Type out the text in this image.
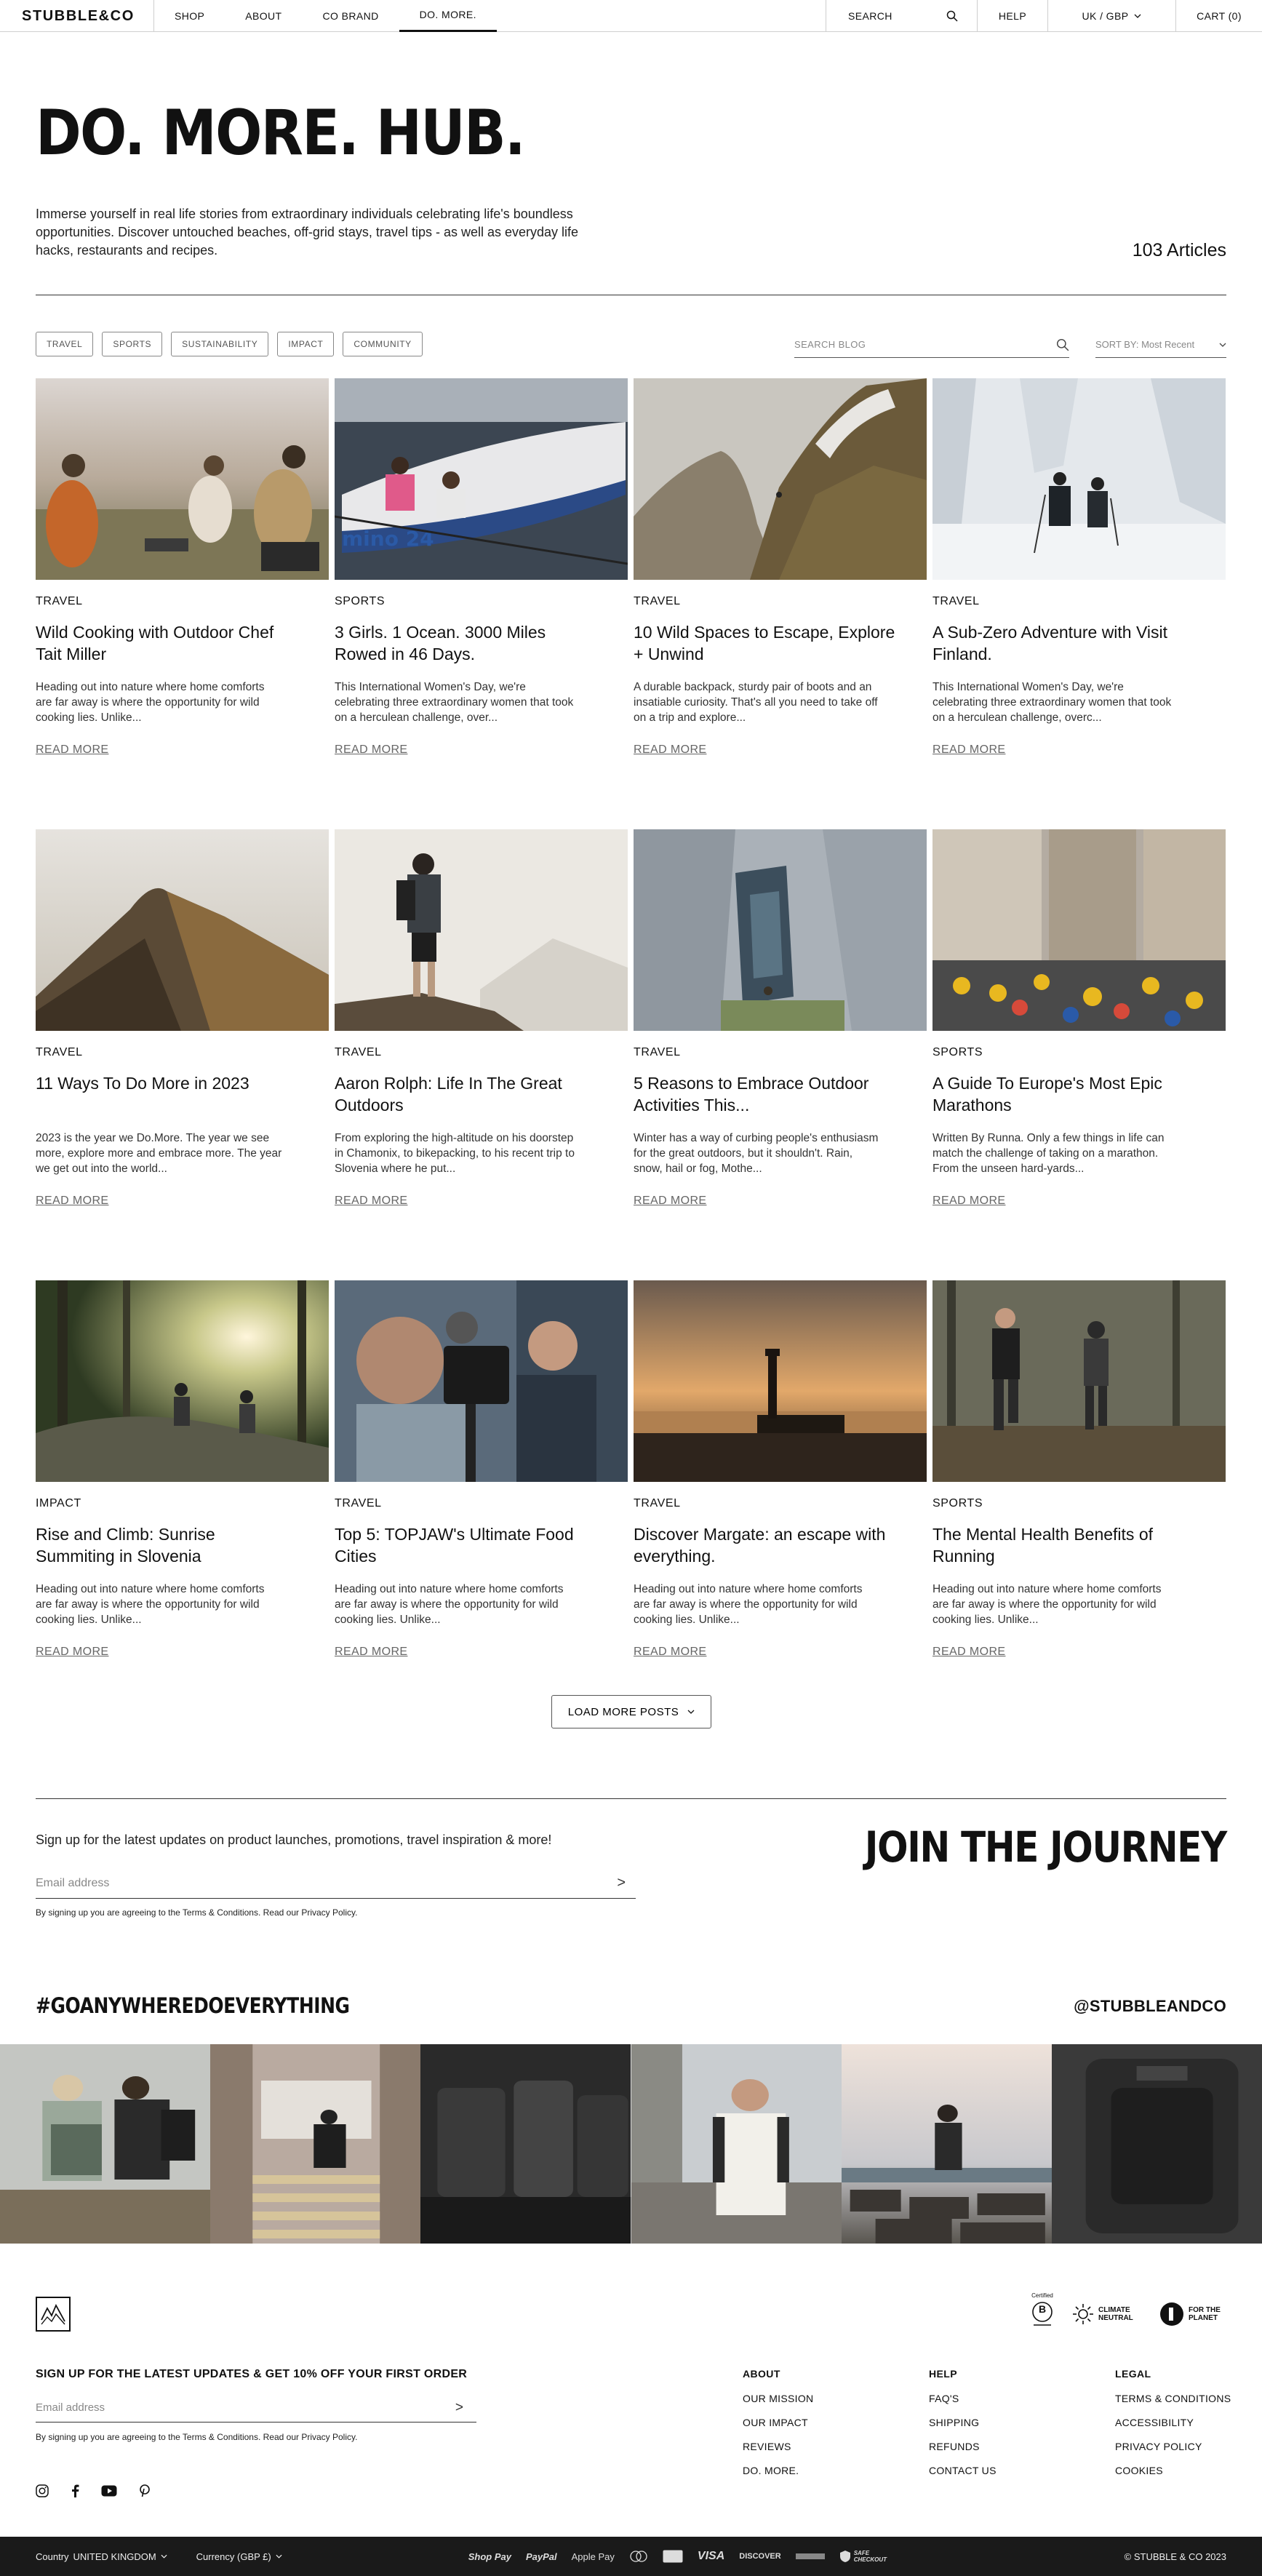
STUBBLE&CO	SHOP	ABOUT	CO BRAND	DO. MORE.	SEARCH	HELP	UK / GBP	CART (0)
DO. MORE. HUB.

Immerse yourself in real life stories from extraordinary individuals celebrating life's boundless opportunities. Discover untouched beaches, off-grid stays, travel tips - as well as everyday life hacks, restaurants and recipes.	103 Articles
TRAVEL	SPORTS	SUSTAINABILITY	IMPACT	COMMUNITY	SEARCH BLOG	SORT BY: Most Recent
TRAVEL
Wild Cooking with Outdoor Chef Tait Miller

Heading out into nature where home comforts are far away is where the opportunity for wild cooking lies. Unlike...

READ MORE
mino 24
SPORTS
3 Girls. 1 Ocean. 3000 Miles Rowed in 46 Days.

This International Women's Day, we're celebrating three extraordinary women that took on a herculean challenge, over...

READ MORE
TRAVEL
10 Wild Spaces to Escape, Explore + Unwind

A durable backpack, sturdy pair of boots and an insatiable curiosity. That's all you need to take off on a trip and explore...

READ MORE
TRAVEL
A Sub-Zero Adventure with Visit Finland.

This International Women's Day, we're celebrating three extraordinary women that took on a herculean challenge, overc...

READ MORE
TRAVEL
11 Ways To Do More in 2023

2023 is the year we Do.More. The year we see more, explore more and embrace more. The year we get out into the world...

READ MORE
TRAVEL
Aaron Rolph: Life In The Great Outdoors

From exploring the high-altitude on his doorstep in Chamonix, to bikepacking, to his recent trip to Slovenia where he put...

READ MORE
TRAVEL
5 Reasons to Embrace Outdoor Activities This...

Winter has a way of curbing people's enthusiasm for the great outdoors, but it shouldn't. Rain, snow, hail or fog, Mothe...

READ MORE
SPORTS
A Guide To Europe's Most Epic Marathons

Written By Runna. Only a few things in life can match the challenge of taking on a marathon. From the unseen hard-yards...

READ MORE
IMPACT
Rise and Climb: Sunrise Summiting in Slovenia

Heading out into nature where home comforts are far away is where the opportunity for wild cooking lies. Unlike...

READ MORE
TRAVEL
Top 5: TOPJAW's Ultimate Food Cities

Heading out into nature where home comforts are far away is where the opportunity for wild cooking lies. Unlike...

READ MORE
TRAVEL
Discover Margate: an escape with everything.

Heading out into nature where home comforts are far away is where the opportunity for wild cooking lies. Unlike...

READ MORE
SPORTS
The Mental Health Benefits of Running

Heading out into nature where home comforts are far away is where the opportunity for wild cooking lies. Unlike...

READ MORE
LOAD MORE POSTS

Sign up for the latest updates on product launches, promotions, travel inspiration & more!

Email address	>

By signing up you are agreeing to the Terms & Conditions. Read our Privacy Policy.

JOIN THE JOURNEY
#GOANYWHEREDOEVERYTHING	@STUBBLEANDCO
Certified
B	CLIMATE NEUTRAL
FOR THE PLANET
SIGN UP FOR THE LATEST UPDATES & GET 10% OFF YOUR FIRST ORDER
Email address	>

By signing up you are agreeing to the Terms & Conditions. Read our Privacy Policy.

ABOUT
OUR MISSION
OUR IMPACT
REVIEWS
DO. MORE.
HELP
FAQ'S
SHIPPING
REFUNDS
CONTACT US
LEGAL
TERMS & CONDITIONS
ACCESSIBILITY
PRIVACY POLICY
COOKIES
Country UNITED KINGDOM	Currency (GBP £)	Shop Pay PayPal Apple Pay	VISA DISCOVER	SAFE CHECKOUT	© STUBBLE & CO 2023
